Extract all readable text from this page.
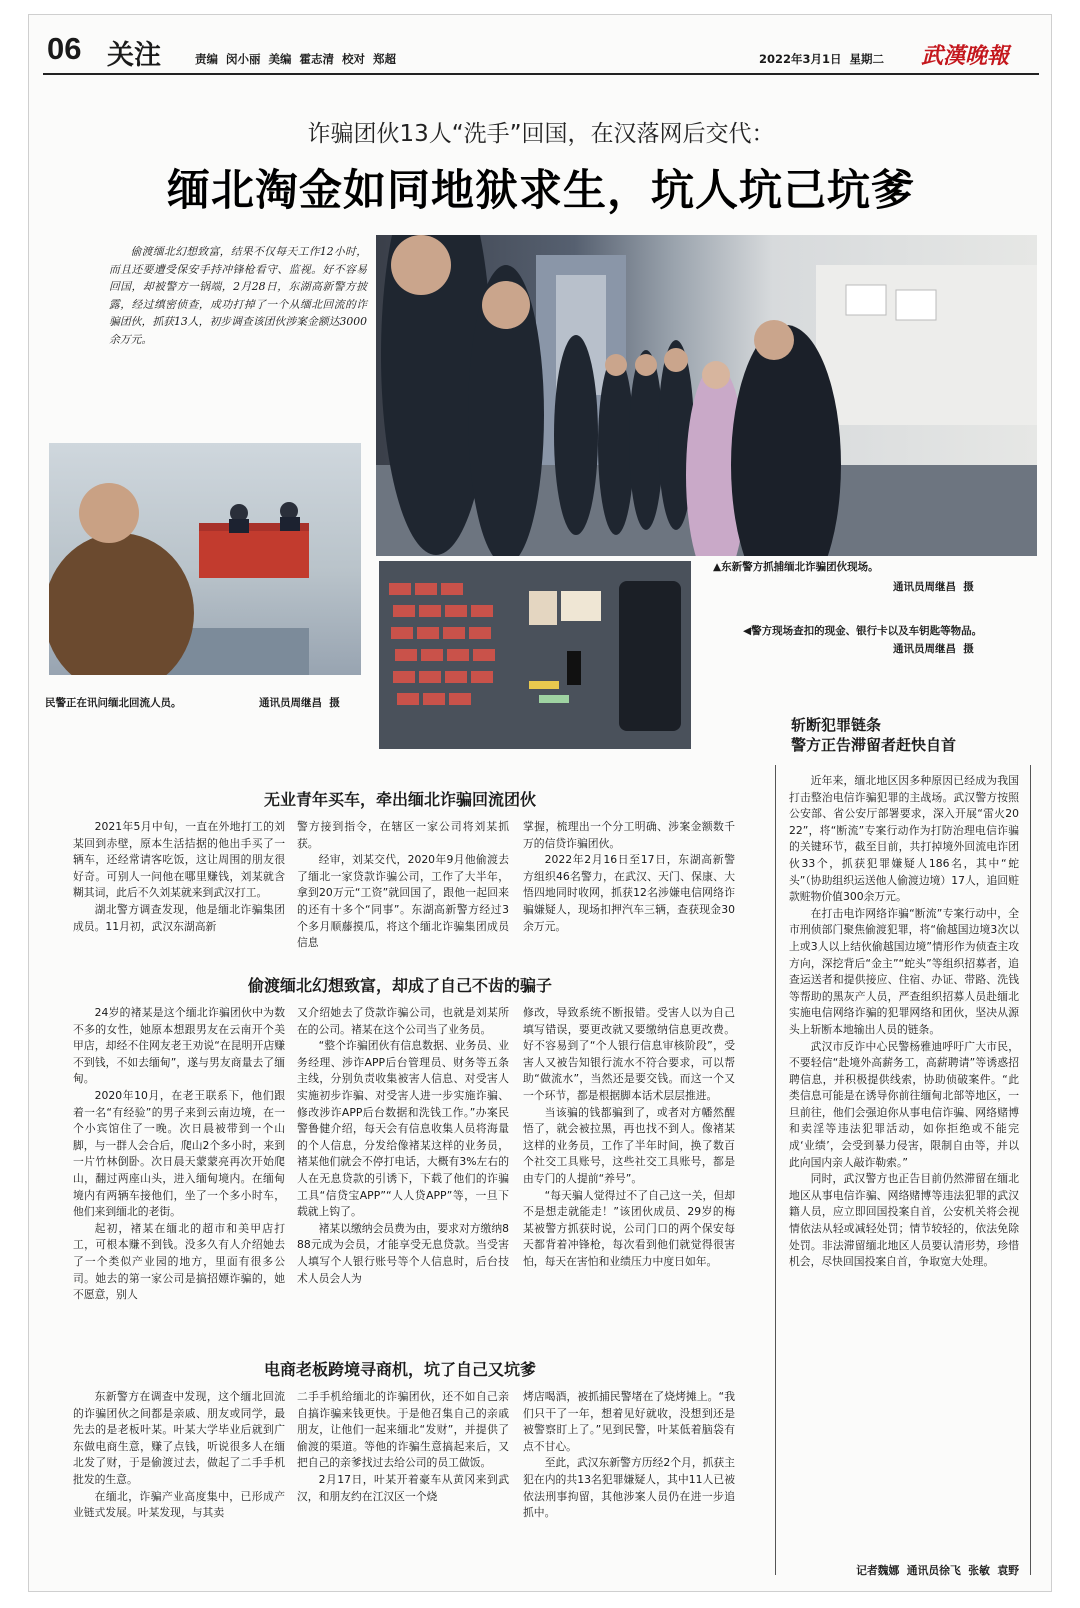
06 关注	责编  闵小丽  美编  霍志清  校对  郑超	2022年3月1日  星期二 武漢晚報
诈骗团伙13人“洗手”回国，在汉落网后交代：
缅北淘金如同地狱求生，坑人坑己坑爹

偷渡缅北幻想致富，结果不仅每天工作12小时，而且还要遭受保安手持冲锋枪看守、监视。好不容易回国，却被警方一锅端，2月28日，东湖高新警方披露，经过缜密侦查，成功打掉了一个从缅北回流的诈骗团伙，抓获13人，初步调查该团伙涉案金额达3000余万元。

▲东新警方抓捕缅北诈骗团伙现场。
通讯员周继昌  摄
◀警方现场查扣的现金、银行卡以及车钥匙等物品。
通讯员周继昌  摄
民警正在讯问缅北回流人员。	通讯员周继昌  摄
斩断犯罪链条
警方正告滞留者赶快自首

近年来，缅北地区因多种原因已经成为我国打击整治电信诈骗犯罪的主战场。武汉警方按照公安部、省公安厅部署要求，深入开展“雷火2022”，将“断流”专案行动作为打防治理电信诈骗的关键环节，截至目前，共打掉境外回流电诈团伙33个，抓获犯罪嫌疑人186名，其中“蛇头”（协助组织运送他人偷渡边境）17人，追回赃款赃物价值300余万元。

在打击电诈网络诈骗“断流”专案行动中，全市刑侦部门聚焦偷渡犯罪，将“偷越国边境3次以上或3人以上结伙偷越国边境”情形作为侦查主攻方向，深挖背后“金主”“蛇头”等组织招募者，追查运送者和提供接应、住宿、办证、带路、洗钱等帮助的黑灰产人员，严查组织招募人员赴缅北实施电信网络诈骗的犯罪网络和团伙，坚决从源头上斩断本地输出人员的链条。

武汉市反诈中心民警杨雅迪呼吁广大市民，不要轻信“赴境外高薪务工，高薪聘请”等诱惑招聘信息，并积极提供线索，协助侦破案件。“此类信息可能是在诱导你前往缅甸北部等地区，一旦前往，他们会强迫你从事电信诈骗、网络赌博和卖淫等违法犯罪活动，如你拒绝或不能完成‘业绩’，会受到暴力侵害，限制自由等，并以此向国内亲人敲诈勒索。”

同时，武汉警方也正告目前仍然滞留在缅北地区从事电信诈骗、网络赌博等违法犯罪的武汉籍人员，应立即回国投案自首，公安机关将会视情依法从轻或减轻处罚；情节较轻的，依法免除处罚。非法滞留缅北地区人员要认清形势，珍惜机会，尽快回国投案自首，争取宽大处理。

记者魏娜  通讯员徐飞  张敏  袁野
无业青年买车，牵出缅北诈骗回流团伙

2021年5月中旬，一直在外地打工的刘某回到赤壁，原本生活拮据的他出手买了一辆车，还经常请客吃饭，这让周围的朋友很好奇。可别人一问他在哪里赚钱，刘某就含糊其词，此后不久刘某就来到武汉打工。

湖北警方调查发现，他是缅北诈骗集团成员。11月初，武汉东湖高新

警方接到指令，在辖区一家公司将刘某抓获。

经审，刘某交代，2020年9月他偷渡去了缅北一家贷款诈骗公司，工作了大半年，拿到20万元“工资”就回国了，跟他一起回来的还有十多个“同事”。东湖高新警方经过3个多月顺藤摸瓜，将这个缅北诈骗集团成员信息

掌握，梳理出一个分工明确、涉案金额数千万的信贷诈骗团伙。

2022年2月16日至17日，东湖高新警方组织46名警力，在武汉、天门、保康、大悟四地同时收网，抓获12名涉嫌电信网络诈骗嫌疑人，现场扣押汽车三辆，查获现金30余万元。

偷渡缅北幻想致富，却成了自己不齿的骗子

24岁的褚某是这个缅北诈骗团伙中为数不多的女性，她原本想跟男友在云南开个美甲店，却经不住网友老王劝说“在昆明开店赚不到钱，不如去缅甸”，遂与男友商量去了缅甸。

2020年10月，在老王联系下，他们跟着一名“有经验”的男子来到云南边境，在一个小宾馆住了一晚。次日晨被带到一个山脚，与一群人会合后，爬山2个多小时，来到一片竹林倒卧。次日晨天蒙蒙亮再次开始爬山，翻过两座山头，进入缅甸境内。在缅甸境内有两辆车接他们，坐了一个多小时车，他们来到缅北的老街。

起初，褚某在缅北的超市和美甲店打工，可根本赚不到钱。没多久有人介绍她去了一个类似产业园的地方，里面有很多公司。她去的第一家公司是搞招嫖诈骗的，她不愿意，别人

又介绍她去了贷款诈骗公司，也就是刘某所在的公司。褚某在这个公司当了业务员。

“整个诈骗团伙有信息数据、业务员、业务经理、涉诈APP后台管理员、财务等五条主线，分别负责收集被害人信息、对受害人实施初步诈骗、对受害人进一步实施诈骗、修改涉诈APP后台数据和洗钱工作。”办案民警鲁健介绍，每天会有信息收集人员将海量的个人信息，分发给像褚某这样的业务员，褚某他们就会不停打电话，大概有3%左右的人在无息贷款的引诱下，下载了他们的诈骗工具“信贷宝APP”“人人贷APP”等，一旦下载就上钩了。

褚某以缴纳会员费为由，要求对方缴纳888元成为会员，才能享受无息贷款。当受害人填写个人银行账号等个人信息时，后台技术人员会人为

修改，导致系统不断报错。受害人以为自己填写错误，要更改就又要缴纳信息更改费。好不容易到了“个人银行信息审核阶段”，受害人又被告知银行流水不符合要求，可以帮助“做流水”，当然还是要交钱。而这一个又一个环节，都是根据脚本话术层层推进。

当该骗的钱都骗到了，或者对方幡然醒悟了，就会被拉黑，再也找不到人。像褚某这样的业务员，工作了半年时间，换了数百个社交工具账号，这些社交工具账号，都是由专门的人提前“养号”。

“每天骗人觉得过不了自己这一关，但却不是想走就能走！”该团伙成员、29岁的梅某被警方抓获时说，公司门口的两个保安每天都背着冲锋枪，每次看到他们就觉得很害怕，每天在害怕和业绩压力中度日如年。

电商老板跨境寻商机，坑了自己又坑爹

东新警方在调查中发现，这个缅北回流的诈骗团伙之间都是亲戚、朋友或同学，最先去的是老板叶某。叶某大学毕业后就到广东做电商生意，赚了点钱，听说很多人在缅北发了财，于是偷渡过去，做起了二手手机批发的生意。

在缅北，诈骗产业高度集中，已形成产业链式发展。叶某发现，与其卖

二手手机给缅北的诈骗团伙，还不如自己亲自搞诈骗来钱更快。于是他召集自己的亲戚朋友，让他们一起来缅北“发财”，并提供了偷渡的渠道。等他的诈骗生意搞起来后，又把自己的亲爹找过去给公司的员工做饭。

2月17日，叶某开着豪车从黄冈来到武汉，和朋友约在江汉区一个烧

烤店喝酒，被抓捕民警堵在了烧烤摊上。“我们只干了一年，想着见好就收，没想到还是被警察盯上了。”见到民警，叶某低着脑袋有点不甘心。

至此，武汉东新警方历经2个月，抓获主犯在内的共13名犯罪嫌疑人，其中11人已被依法刑事拘留，其他涉案人员仍在进一步追抓中。
